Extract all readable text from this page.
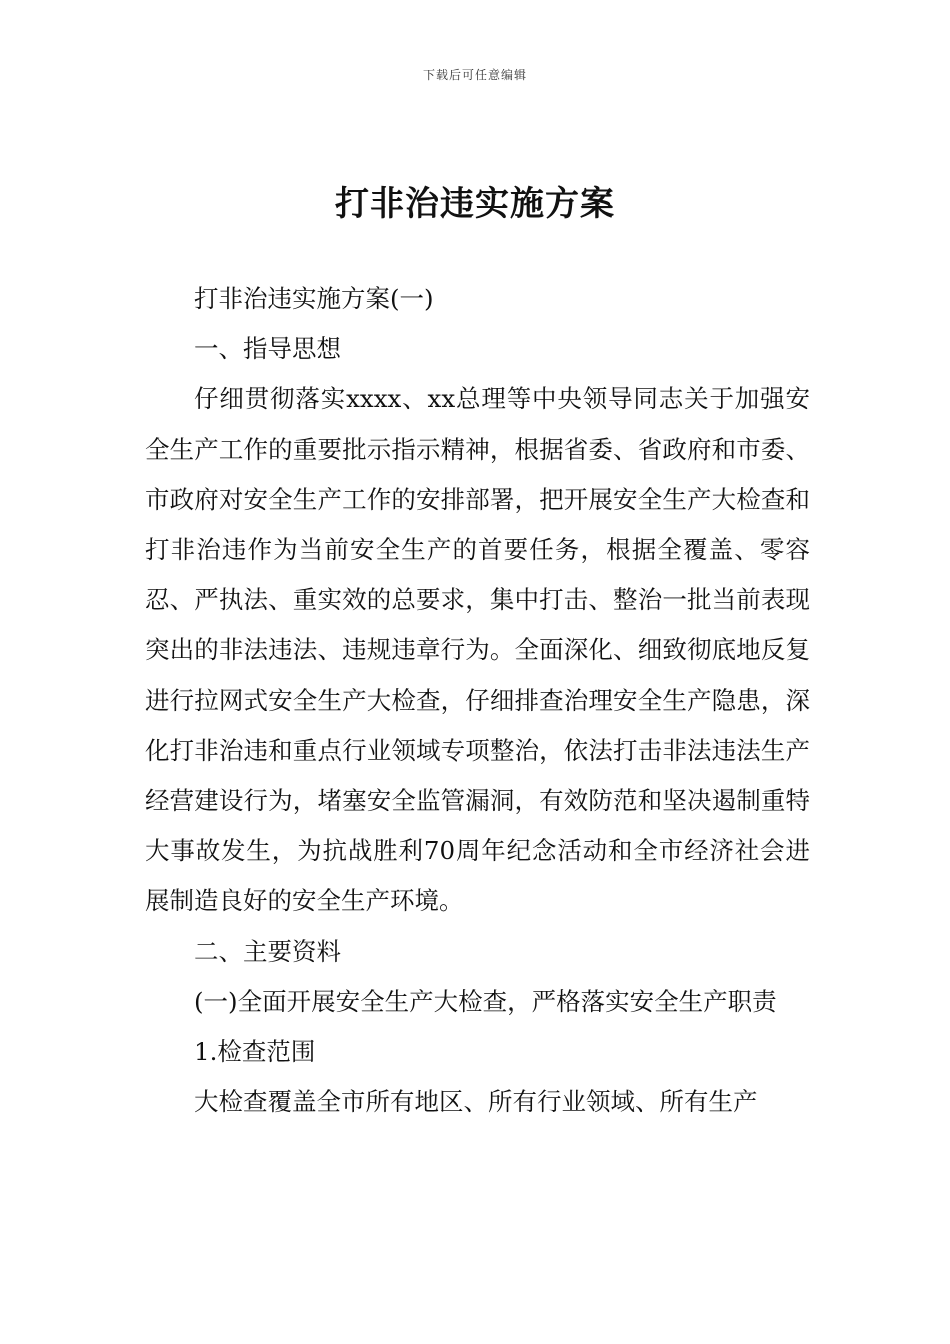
下载后可任意编辑
打非治违实施方案

打非治违实施方案(一)

一、指导思想

仔细贯彻落实xxxx、xx总理等中央领导同志关于加强安全生产工作的重要批示指示精神，根据省委、省政府和市委、市政府对安全生产工作的安排部署，把开展安全生产大检查和打非治违作为当前安全生产的首要任务，根据全覆盖、零容忍、严执法、重实效的总要求，集中打击、整治一批当前表现突出的非法违法、违规违章行为。全面深化、细致彻底地反复进行拉网式安全生产大检查，仔细排查治理安全生产隐患，深化打非治违和重点行业领域专项整治，依法打击非法违法生产经营建设行为，堵塞安全监管漏洞，有效防范和坚决遏制重特大事故发生，为抗战胜利70周年纪念活动和全市经济社会进展制造良好的安全生产环境。

二、主要资料

(一)全面开展安全生产大检查，严格落实安全生产职责

1.检查范围

大检查覆盖全市所有地区、所有行业领域、所有生产
